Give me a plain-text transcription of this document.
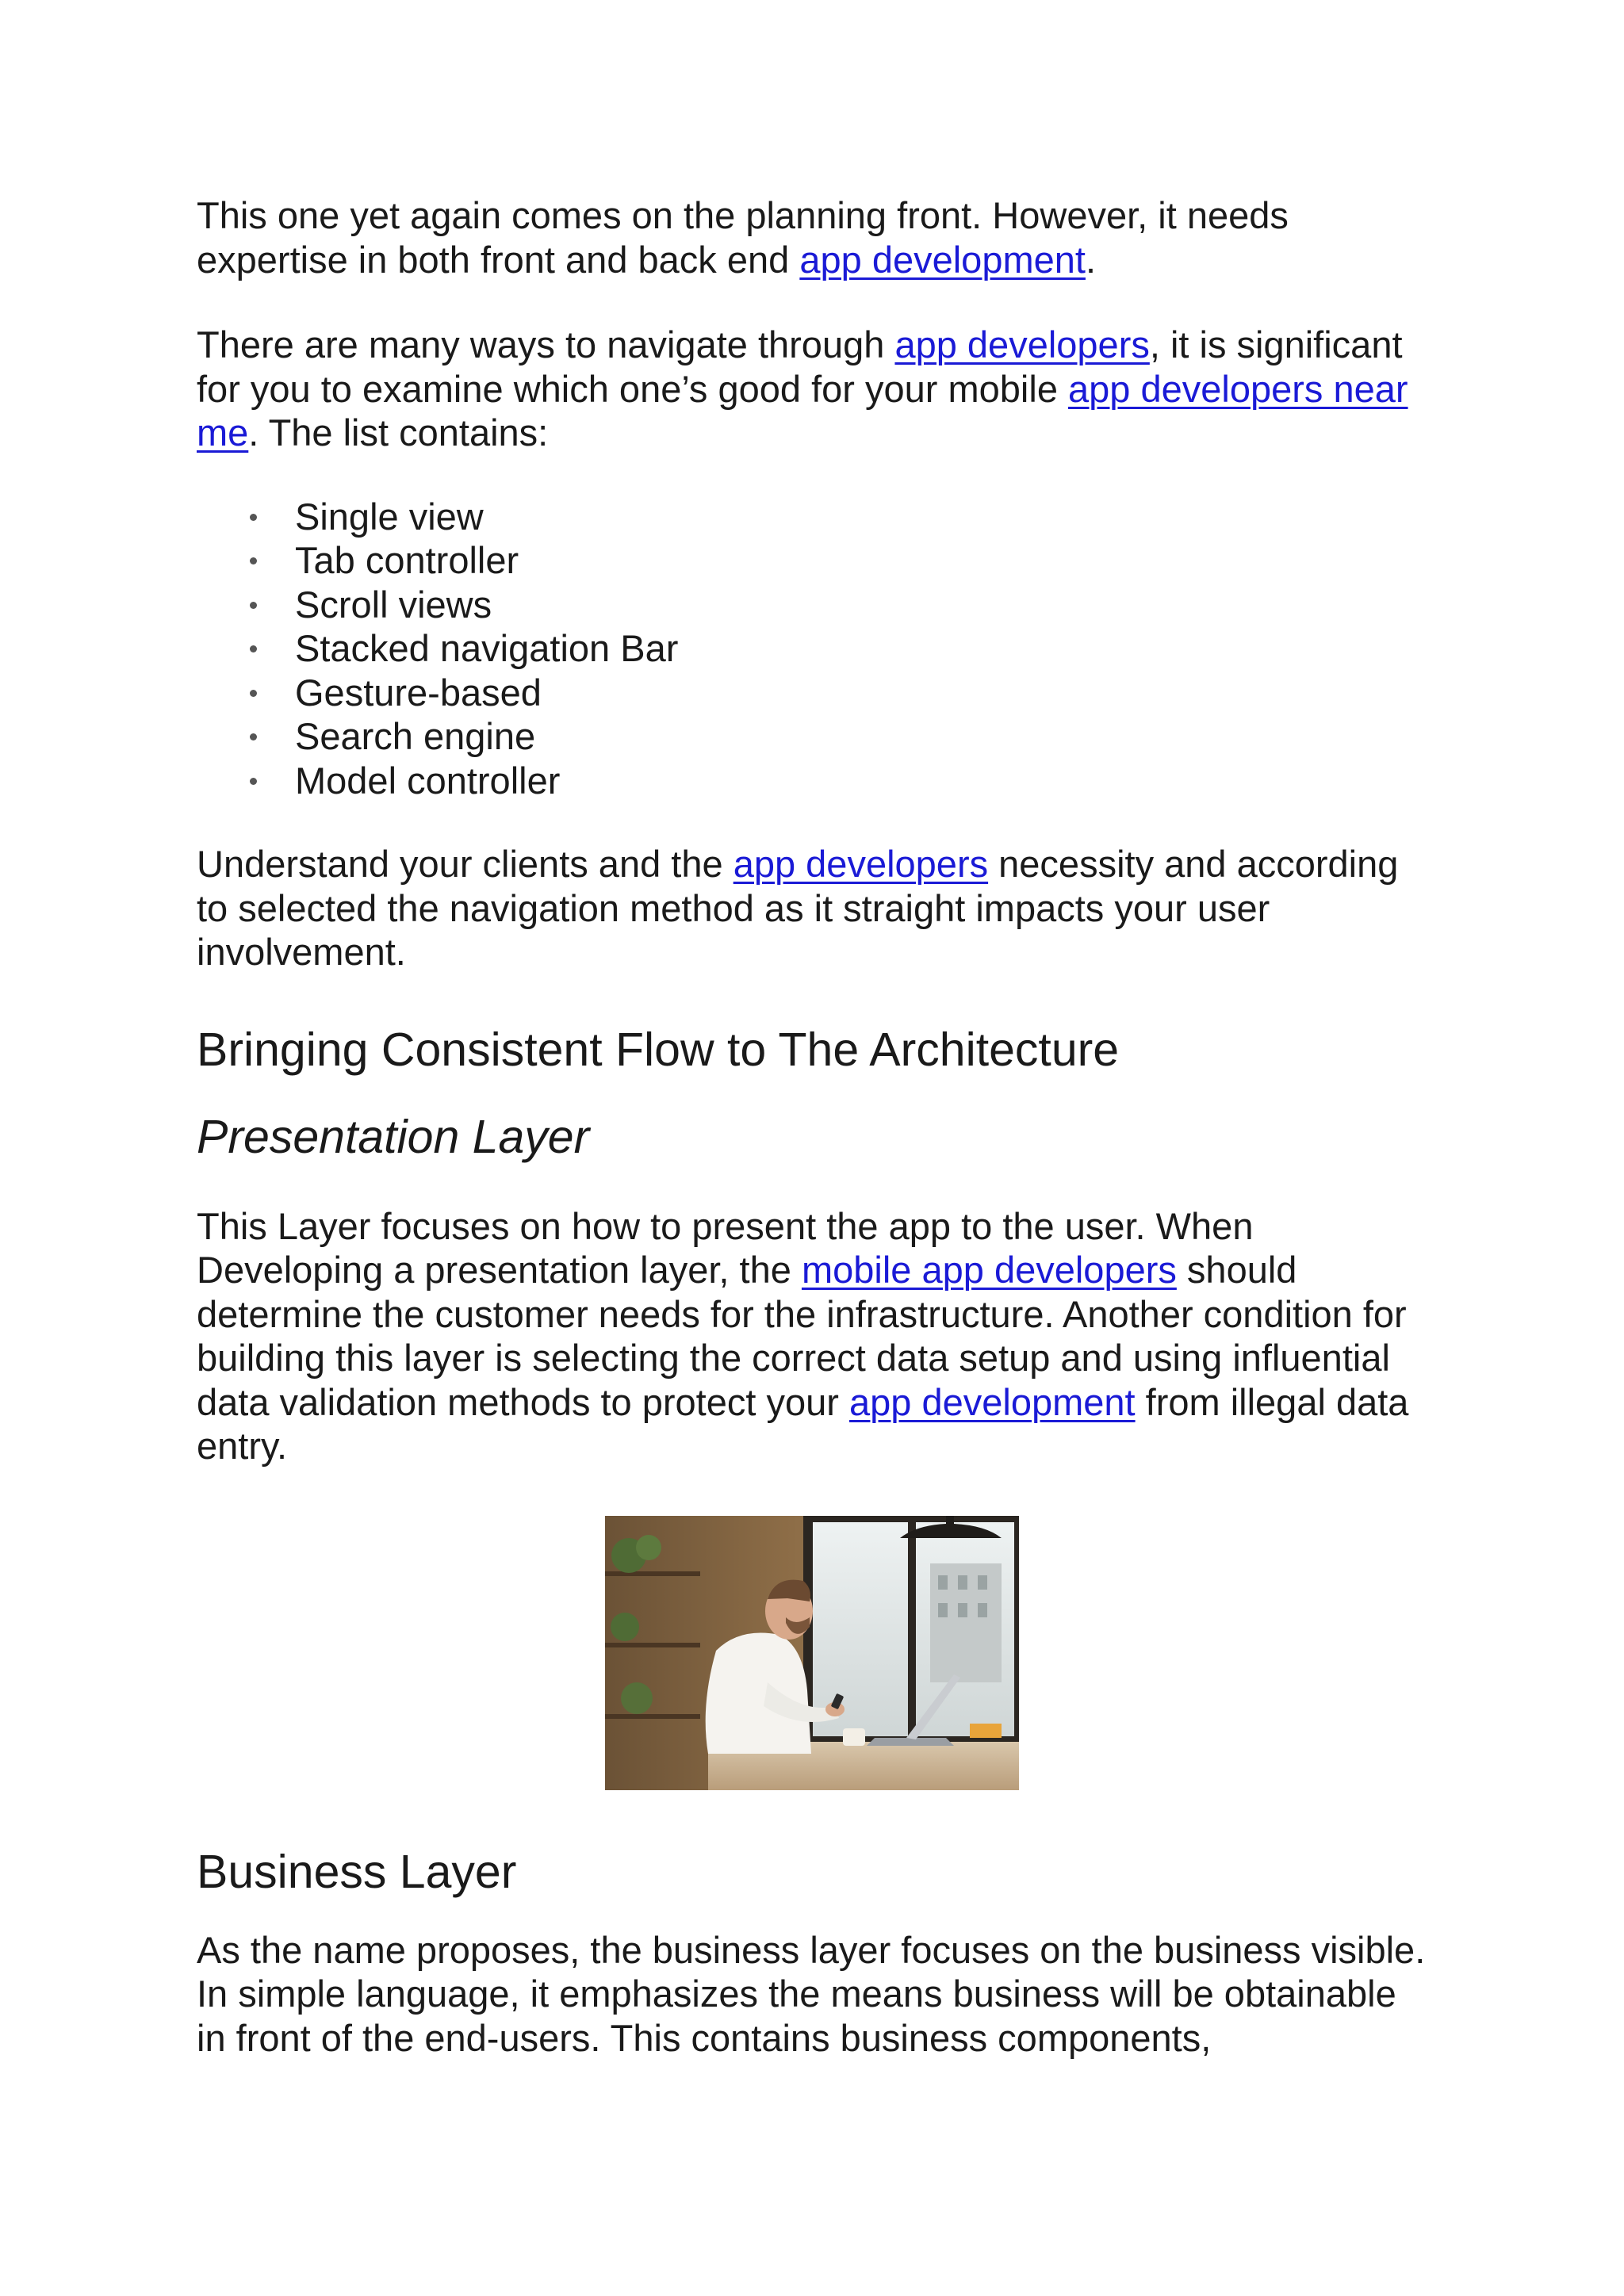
This one yet again comes on the planning front. However, it needs expertise in both front and back end app development.

There are many ways to navigate through app developers, it is significant for you to examine which one’s good for your mobile app developers near me. The list contains:

Single view
Tab controller
Scroll views
Stacked navigation Bar
Gesture-based
Search engine
Model controller

Understand your clients and the app developers necessity and according to selected the navigation method as it straight impacts your user involvement.

Bringing Consistent Flow to The Architecture
Presentation Layer

This Layer focuses on how to present the app to the user. When Developing a presentation layer, the mobile app developers should determine the customer needs for the infrastructure. Another condition for building this layer is selecting the correct data setup and using influential data validation methods to protect your app development from illegal data entry.

Business Layer

As the name proposes, the business layer focuses on the business visible. In simple language, it emphasizes the means business will be obtainable in front of the end-users. This contains business components,
